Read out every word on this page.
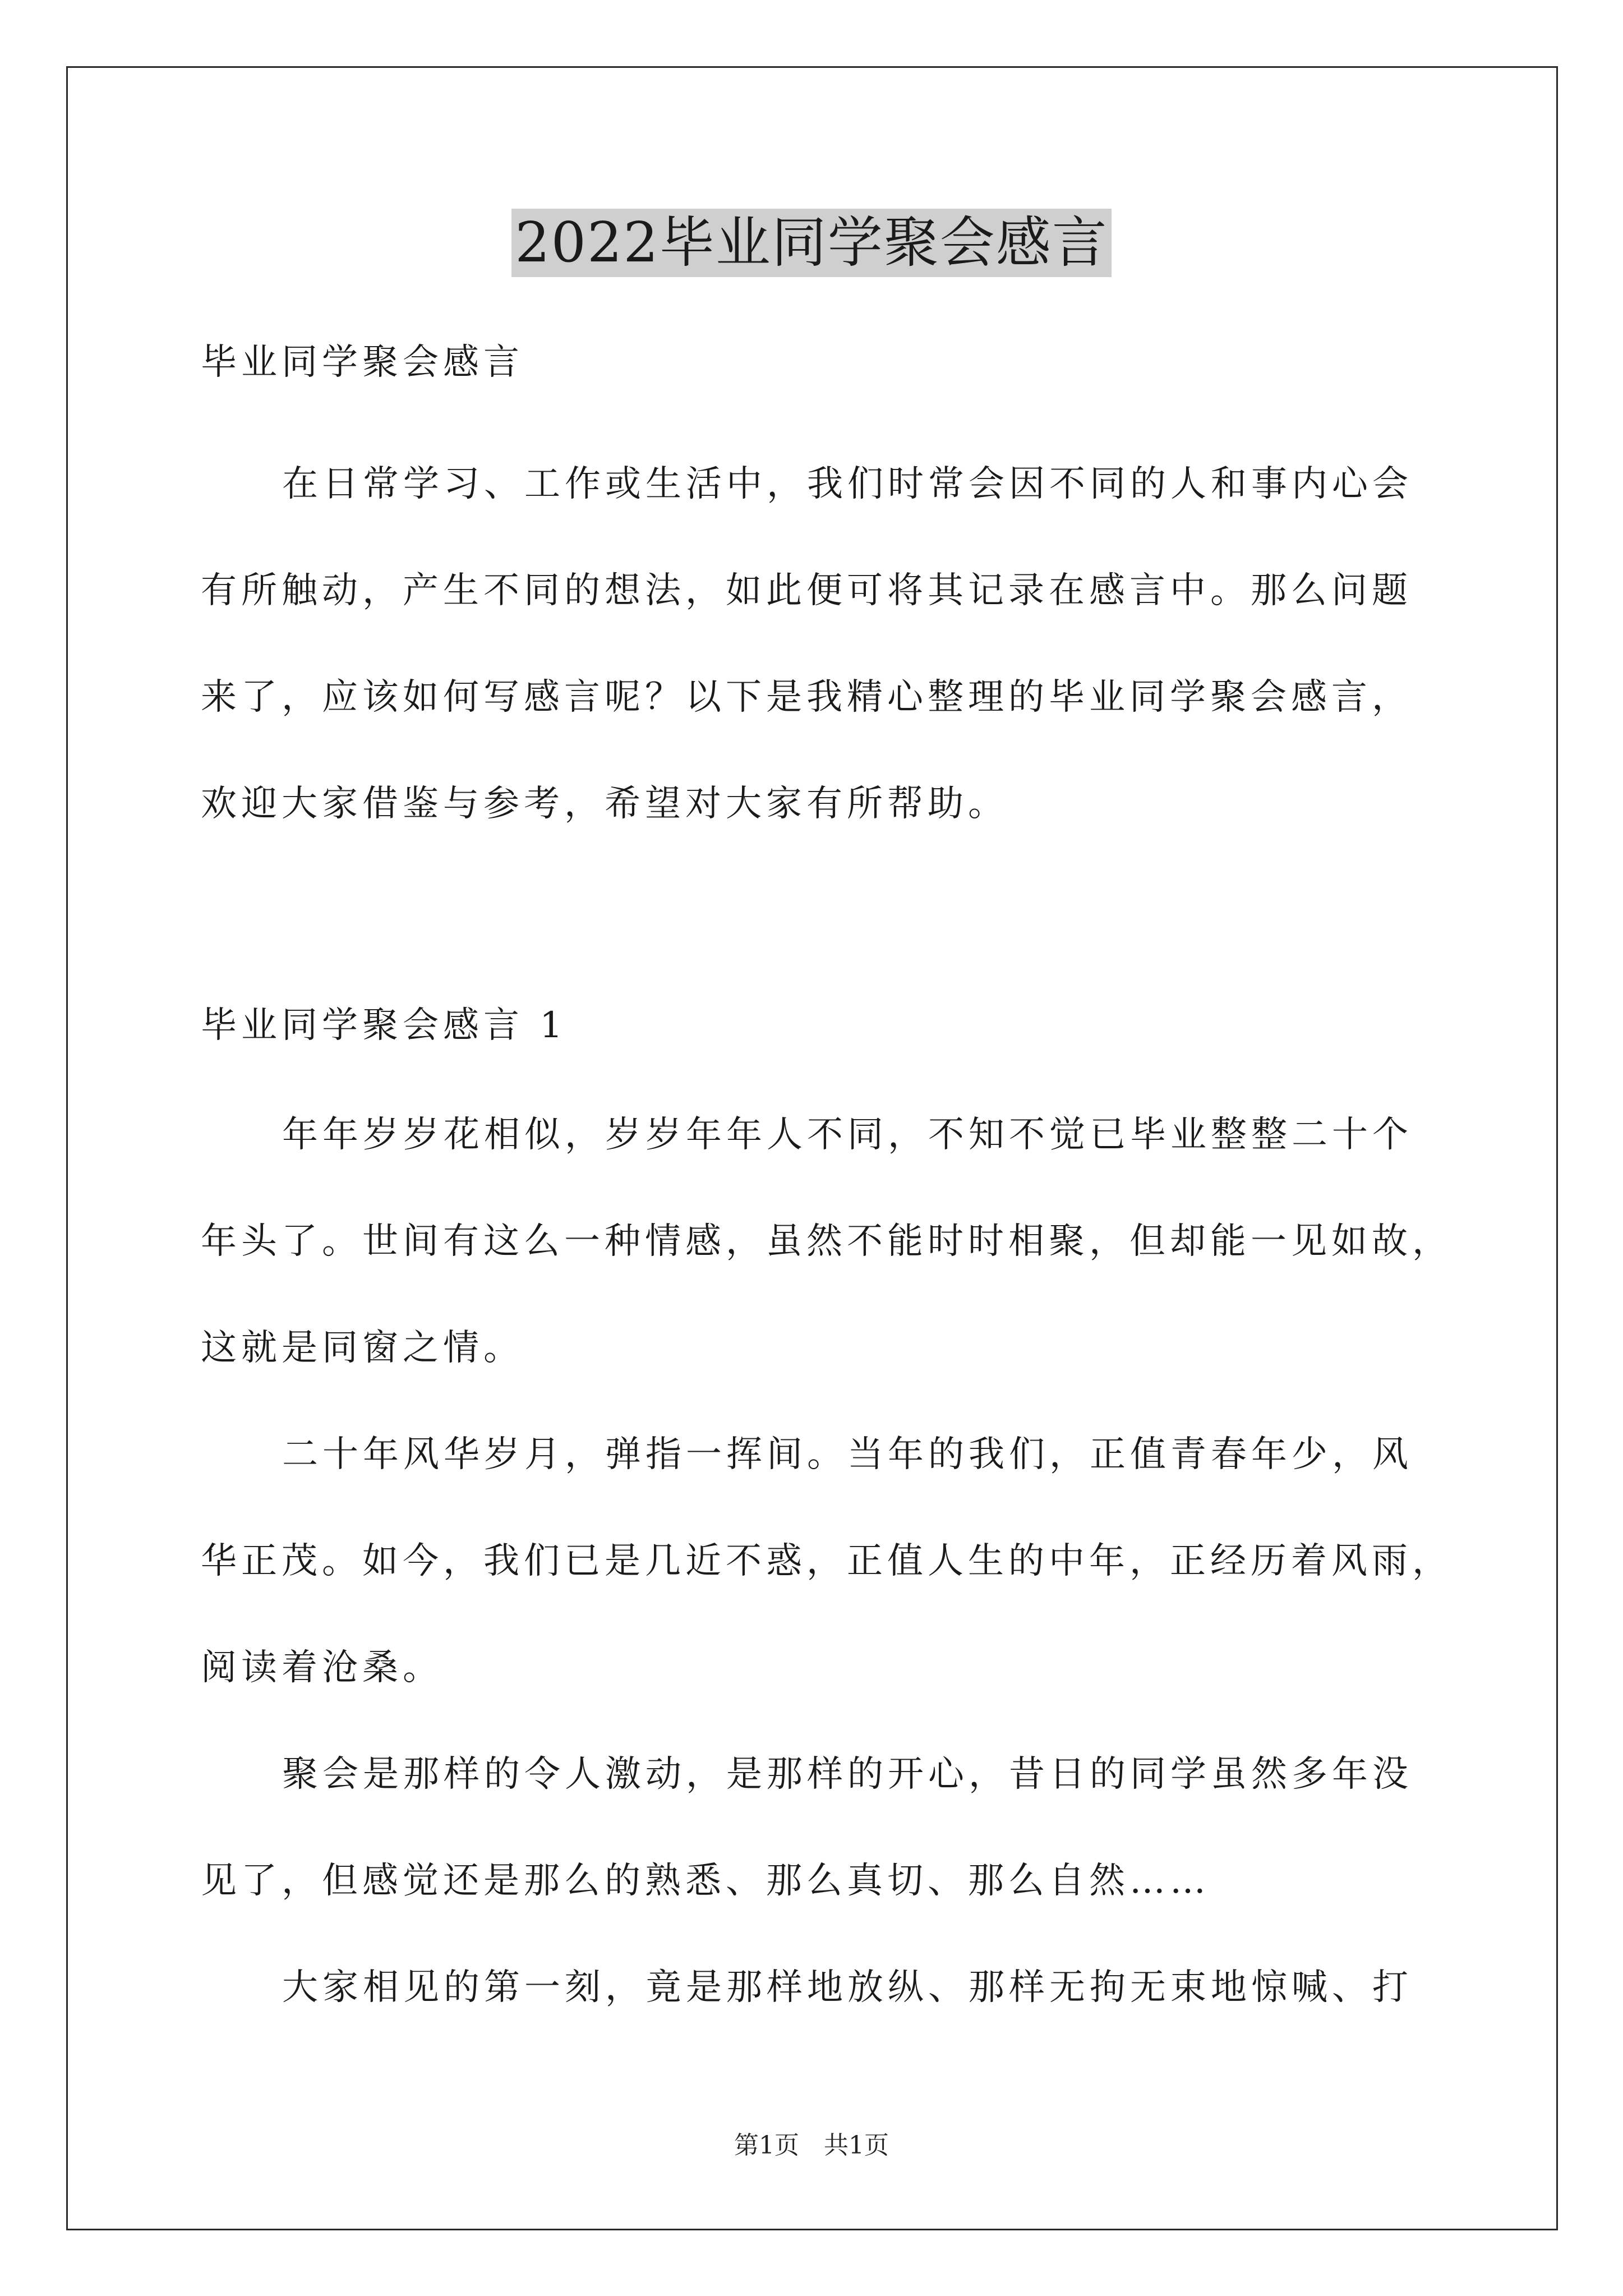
2022毕业同学聚会感言
毕业同学聚会感言
在日常学习、工作或生活中，我们时常会因不同的人和事内心会
有所触动，产生不同的想法，如此便可将其记录在感言中。那么问题
来了，应该如何写感言呢？以下是我精心整理的毕业同学聚会感言，
欢迎大家借鉴与参考，希望对大家有所帮助。
毕业同学聚会感言 1
年年岁岁花相似，岁岁年年人不同，不知不觉已毕业整整二十个
年头了。世间有这么一种情感，虽然不能时时相聚，但却能一见如故，
这就是同窗之情。
二十年风华岁月，弹指一挥间。当年的我们，正值青春年少，风
华正茂。如今，我们已是几近不惑，正值人生的中年，正经历着风雨，
阅读着沧桑。
聚会是那样的令人激动，是那样的开心，昔日的同学虽然多年没
见了，但感觉还是那么的熟悉、那么真切、那么自然……
大家相见的第一刻，竟是那样地放纵、那样无拘无束地惊喊、打
第1页　共1页
